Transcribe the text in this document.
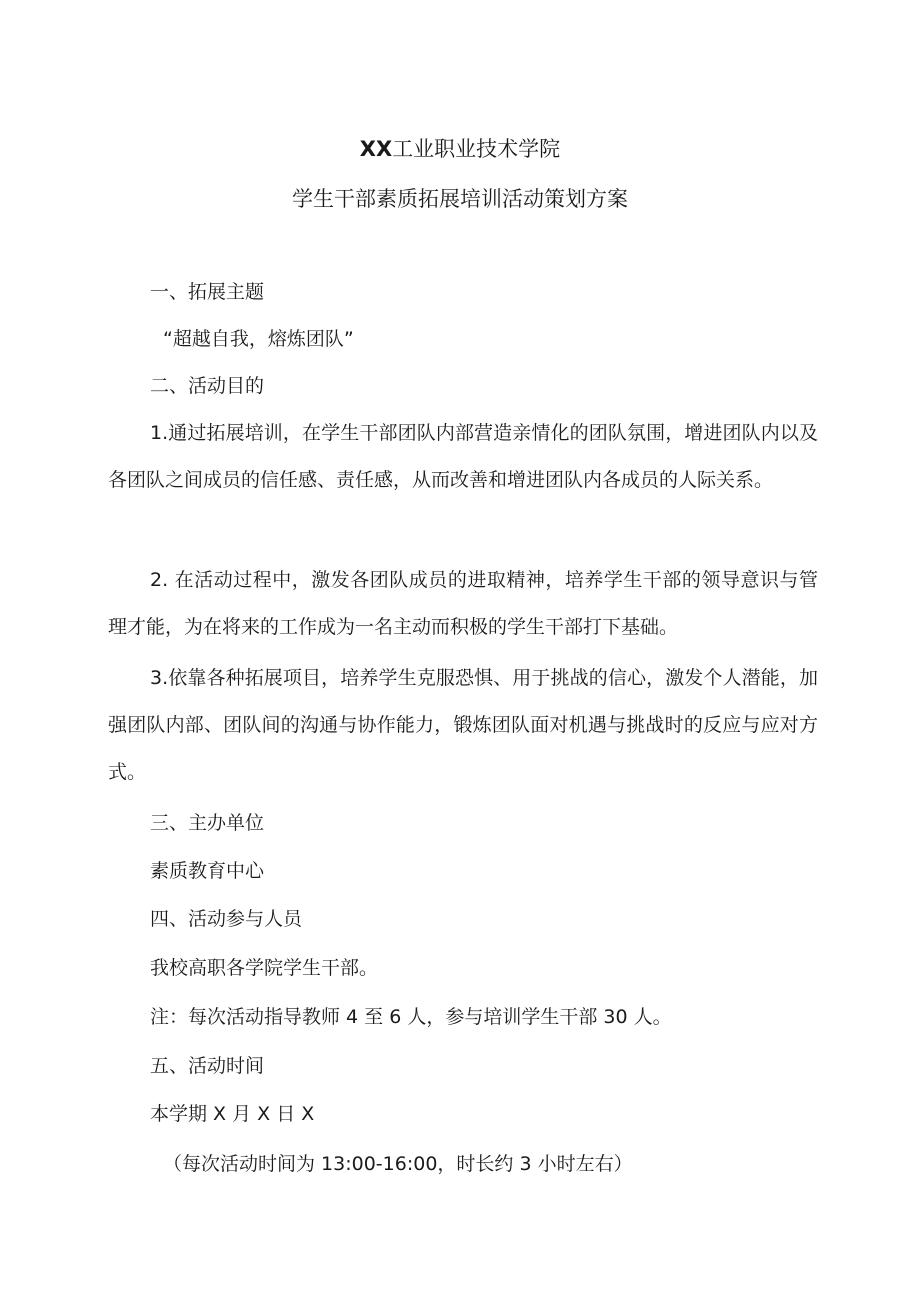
XX工业职业技术学院
学生干部素质拓展培训活动策划方案

一、拓展主题

“超越自我，熔炼团队”

二、活动目的

1.通过拓展培训，在学生干部团队内部营造亲情化的团队氛围，增进团队内以及各团队之间成员的信任感、责任感，从而改善和增进团队内各成员的人际关系。

2. 在活动过程中，激发各团队成员的进取精神，培养学生干部的领导意识与管理才能，为在将来的工作成为一名主动而积极的学生干部打下基础。

3.依靠各种拓展项目，培养学生克服恐惧、用于挑战的信心，激发个人潜能，加强团队内部、团队间的沟通与协作能力，锻炼团队面对机遇与挑战时的反应与应对方式。

三、主办单位

素质教育中心

四、活动参与人员

我校高职各学院学生干部。

注：每次活动指导教师 4 至 6 人，参与培训学生干部 30 人。

五、活动时间

本学期 X 月 X 日 X

（每次活动时间为 13:00-16:00，时长约 3 小时左右）
